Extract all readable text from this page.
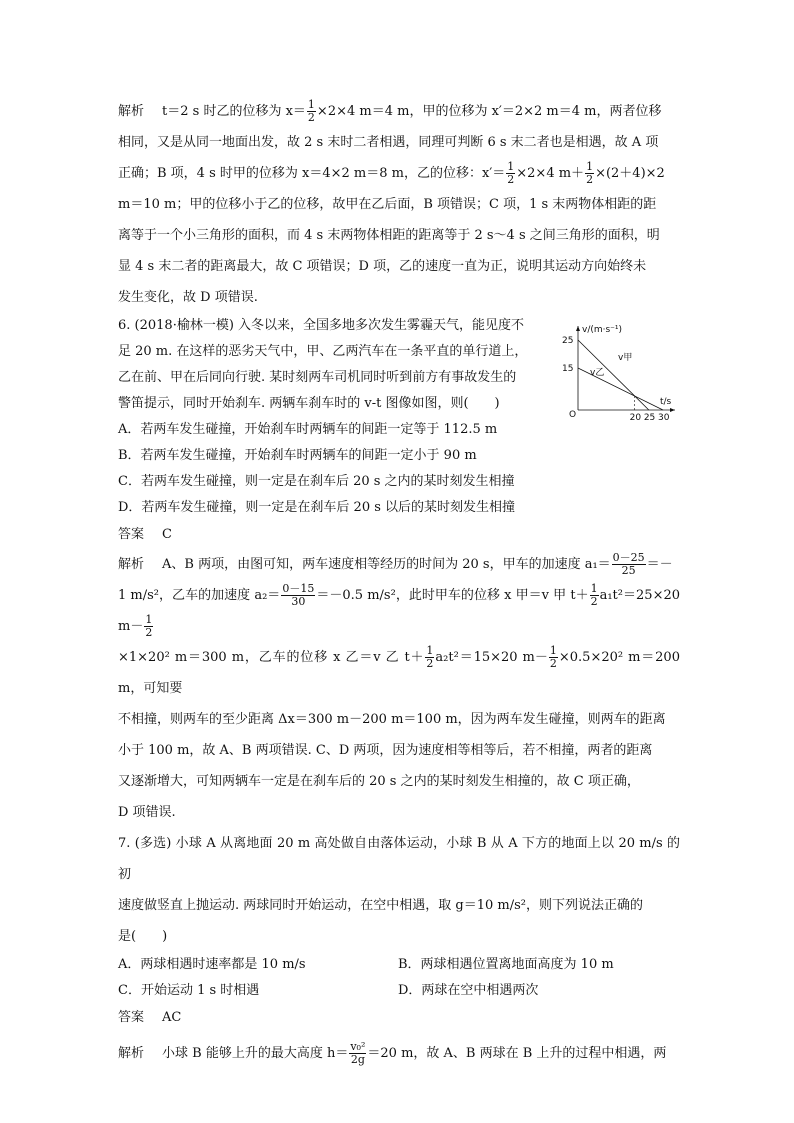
解析 t＝2 s 时乙的位移为 $x= \frac{1}{2} \times 2\times 4$ m＝4 m，甲的位移为 x′＝2×2 m＝4 m，两者位移

相同，又是从同一地面出发，故 2 s 末时二者相遇，同理可判断 6 s 末二者也是相遇，故 A 项

正确；B 项，4 s 时甲的位移为 x＝4×2 m＝8 m，乙的位移：$x'= \frac{1}{2} \times 2\times 4$ $m+ \frac{1}{2} \times(2+4)\times 2$

m＝10 m；甲的位移小于乙的位移，故甲在乙后面，B 项错误；C 项，1 s 末两物体相距的距

离等于一个小三角形的面积，而 4 s 末两物体相距的距离等于 2 s～4 s 之间三角形的面积，明

显 4 s 末二者的距离最大，故 C 项错误；D 项，乙的速度一直为正，说明其运动方向始终未

发生变化，故 D 项错误.

6. (2018·榆林一模) 入冬以来，全国多地多次发生雾霾天气，能见度不

足 20 m. 在这样的恶劣天气中，甲、乙两汽车在一条平直的单行道上，

乙在前、甲在后同向行驶. 某时刻两车司机同时听到前方有事故发生的

警笛提示，同时开始刹车. 两辆车刹车时的 v-t 图像如图，则(　　)

A．若两车发生碰撞，开始刹车时两辆车的间距一定等于 112.5 m

B．若两车发生碰撞，开始刹车时两辆车的间距一定小于 90 m

C．若两车发生碰撞，则一定是在刹车后 20 s 之内的某时刻发生相撞

D．若两车发生碰撞，则一定是在刹车后 20 s 以后的某时刻发生相撞

答案 C

解析 A、B 两项，由图可知，两车速度相等经历的时间为 20 s，甲车的加速度 $a_1= \frac{0-25}{25}$ ＝－

1 m/s²，乙车的加速度 $a_2= \frac{0-15}{30} =-0.5$ m/s²，此时甲车的位移 x 甲＝v 甲 $t+ \frac{1}{2} a_1t^2=25\times 20$ $m- \frac{1}{2}$

×1×20² m＝300 m，乙车的位移 x 乙＝v 乙 $t+ \frac{1}{2} a_2t^2=15\times 20$ $m- \frac{1}{2} \times 0.5\times 20^2$ m＝200 m，可知要

不相撞，则两车的至少距离 Δx＝300 m－200 m＝100 m，因为两车发生碰撞，则两车的距离

小于 100 m，故 A、B 两项错误. C、D 两项，因为速度相等相等后，若不相撞，两者的距离

又逐渐增大，可知两辆车一定是在刹车后的 20 s 之内的某时刻发生相撞的，故 C 项正确，

D 项错误.

7. (多选) 小球 A 从离地面 20 m 高处做自由落体运动，小球 B 从 A 下方的地面上以 20 m/s 的初

速度做竖直上抛运动. 两球同时开始运动，在空中相遇，取 g＝10 m/s²，则下列说法正确的

是(　　)

A．两球相遇时速率都是 10 m/s	B．两球相遇位置离地面高度为 10 m
C．开始运动 1 s 时相遇	D．两球在空中相遇两次

答案 AC

解析 小球 B 能够上升的最大高度 $h= \frac{\text{v₀²}}{2g} =20$ m，故 A、B 两球在 B 上升的过程中相遇，两

v/(m·s⁻¹)
t/s
O
25
15
20 25 30
v甲
v乙
